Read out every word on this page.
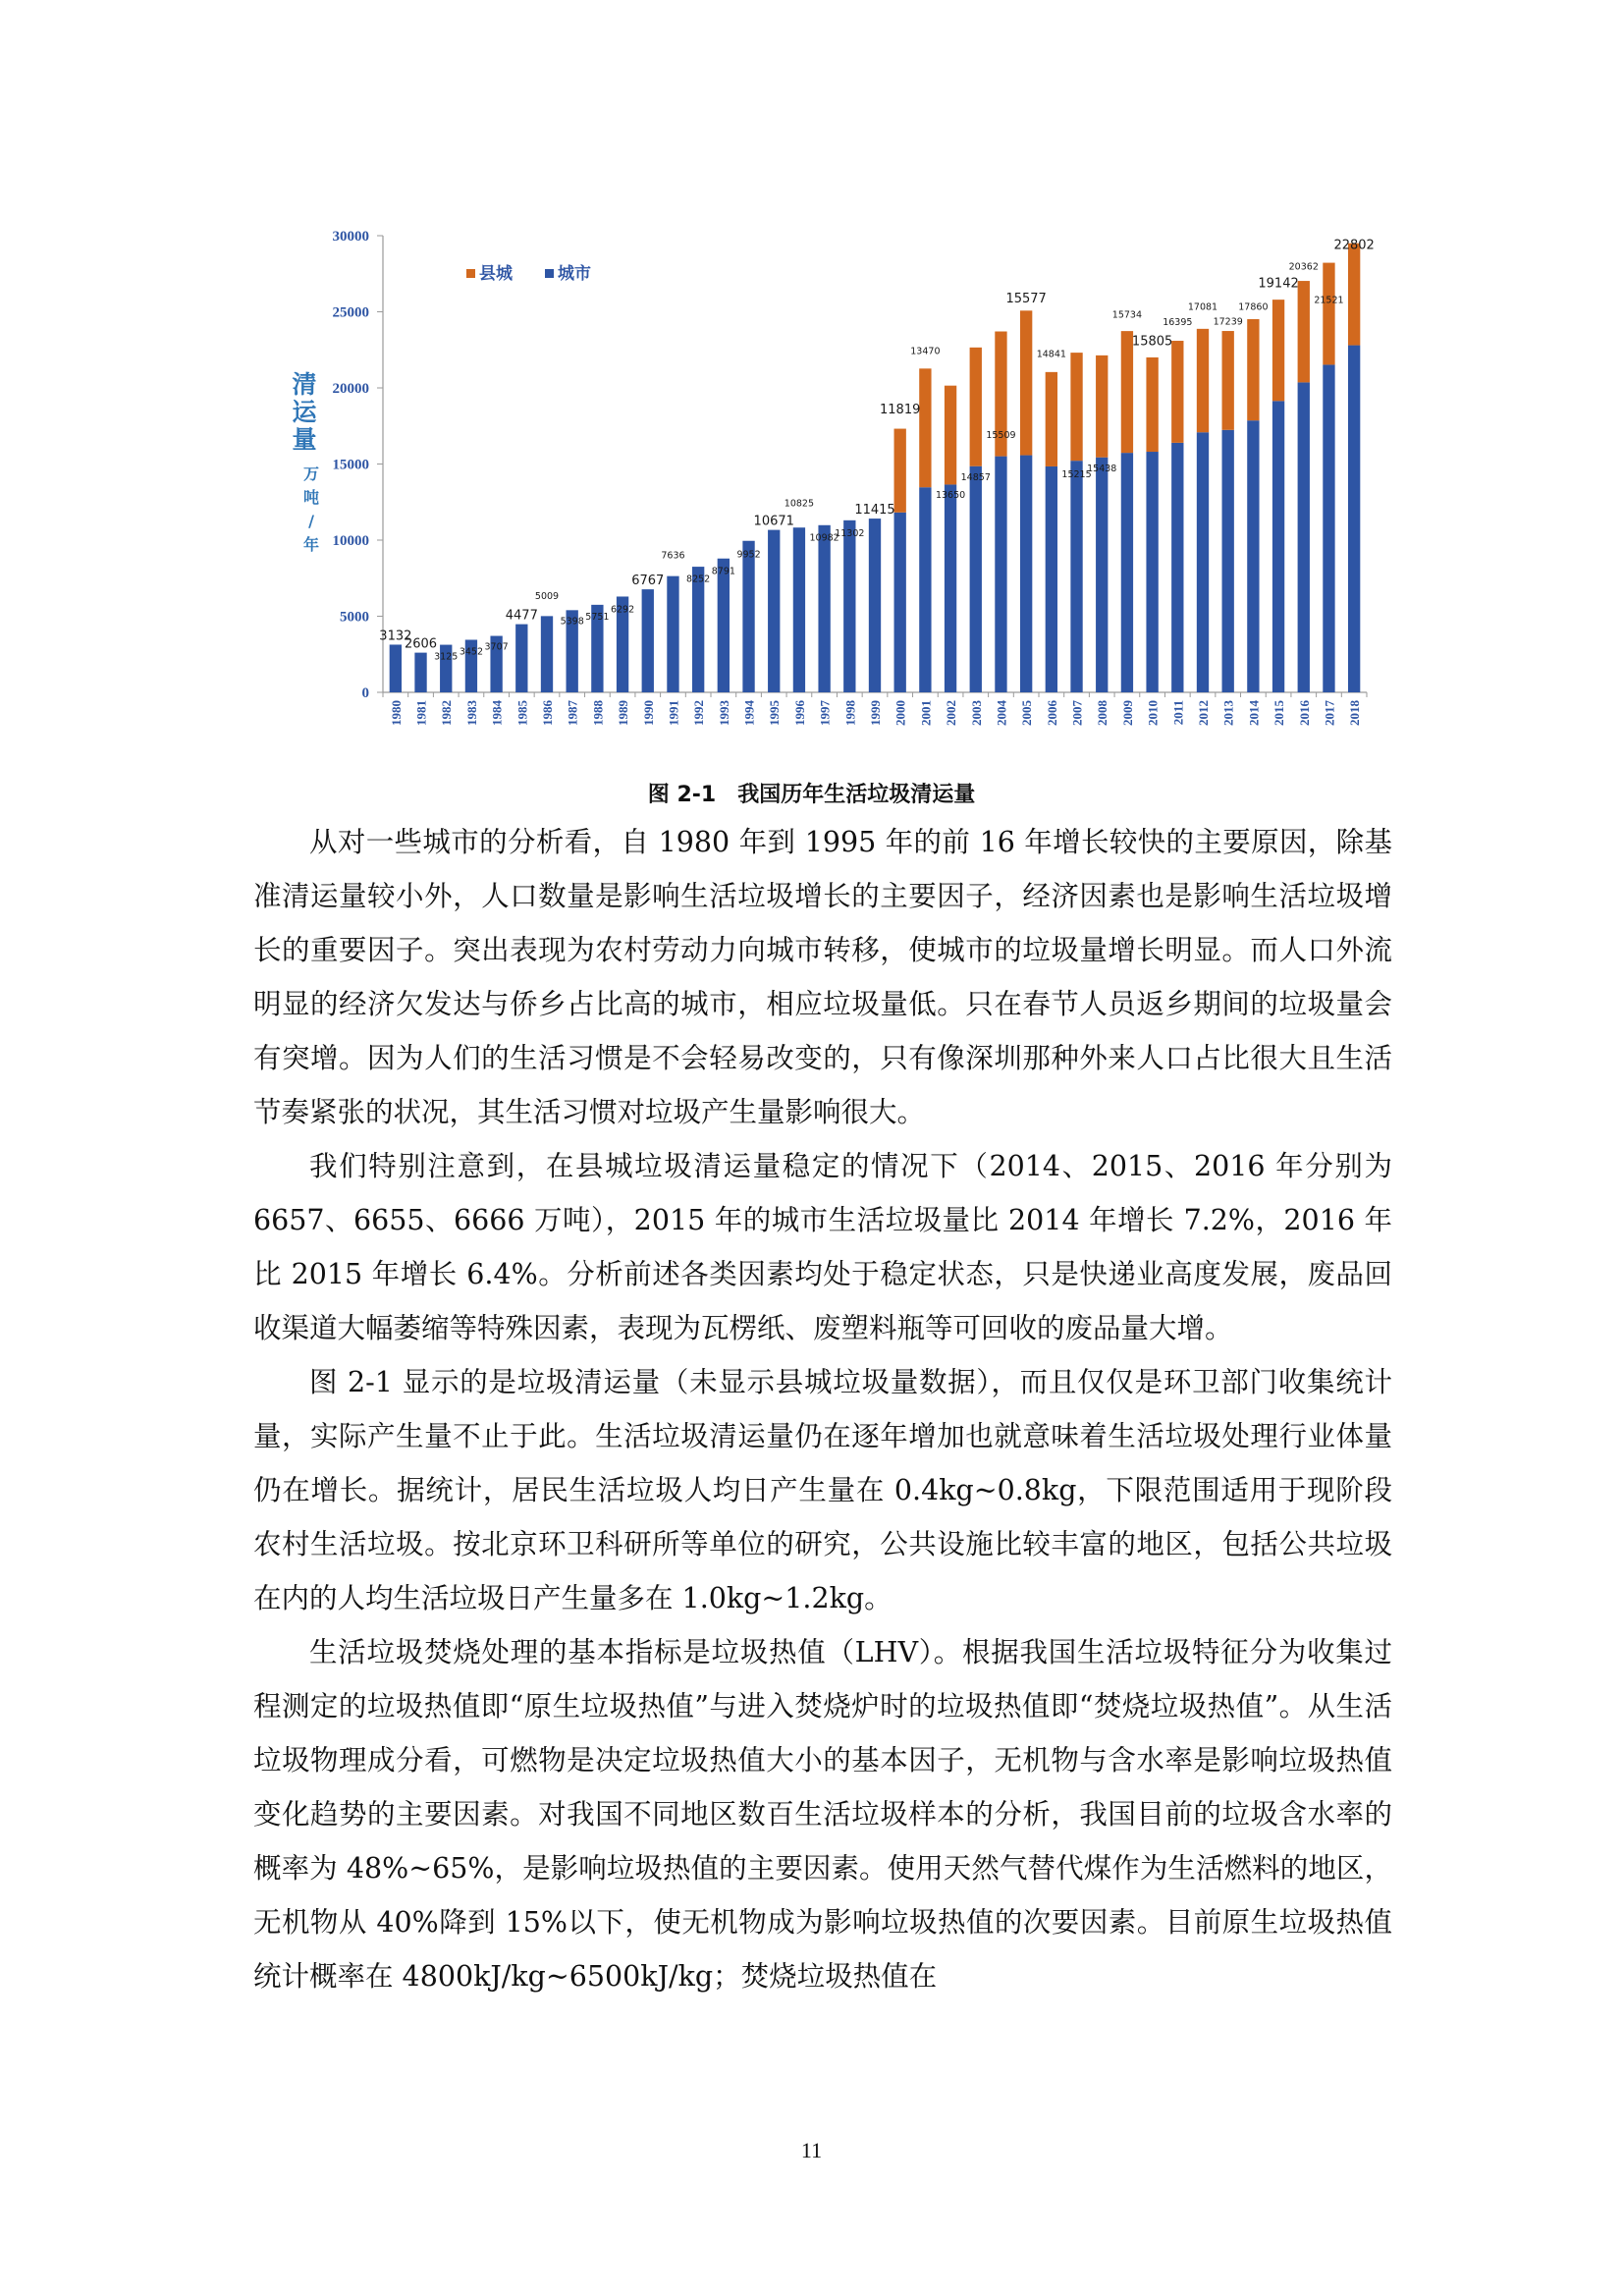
3132
2606
3125 3452 3707
4477
5009
5398 5751
6292
6767
7636
8252
8791
9952
10671
10825
10982
11302
11415
11819
13470
13650
14857
15509
15577
14841
15215
15438
15734
15805
16395
17081
17239
17860
19142
20362
21521
22802
1980 1981 1982 1983 1984 1985 1986 1987 1988 1989 1990 1991 1992 1993 1994 1995 1996 1997 1998 1999 2000 2001 2002 2003 2004 2005 2006 2007 2008 2009 2010 2011 2012 2013 2014 2015 2016 2017 2018
0
5000
10000
15000
20000
25000
30000
县城	城市
清
运
量
万
吨
/
年
图 2-1 我国历年生活垃圾清运量

从对一些城市的分析看，自 1980 年到 1995 年的前 16 年增长较快的主要原因，除基准清运量较小外，人口数量是影响生活垃圾增长的主要因子，经济因素也是影响生活垃圾增长的重要因子。突出表现为农村劳动力向城市转移，使城市的垃圾量增长明显。而人口外流明显的经济欠发达与侨乡占比高的城市，相应垃圾量低。只在春节人员返乡期间的垃圾量会有突增。因为人们的生活习惯是不会轻易改变的，只有像深圳那种外来人口占比很大且生活节奏紧张的状况，其生活习惯对垃圾产生量影响很大。

我们特别注意到，在县城垃圾清运量稳定的情况下（2014、2015、2016 年分别为 6657、6655、6666 万吨），2015 年的城市生活垃圾量比 2014 年增长 7.2%，2016 年比 2015 年增长 6.4%。分析前述各类因素均处于稳定状态，只是快递业高度发展，废品回收渠道大幅萎缩等特殊因素，表现为瓦楞纸、废塑料瓶等可回收的废品量大增。

图 2-1 显示的是垃圾清运量（未显示县城垃圾量数据），而且仅仅是环卫部门收集统计量，实际产生量不止于此。生活垃圾清运量仍在逐年增加也就意味着生活垃圾处理行业体量仍在增长。据统计，居民生活垃圾人均日产生量在 0.4kg~0.8kg，下限范围适用于现阶段农村生活垃圾。按北京环卫科研所等单位的研究，公共设施比较丰富的地区，包括公共垃圾在内的人均生活垃圾日产生量多在 1.0kg~1.2kg。

生活垃圾焚烧处理的基本指标是垃圾热值（LHV）。根据我国生活垃圾特征分为收集过程测定的垃圾热值即“原生垃圾热值”与进入焚烧炉时的垃圾热值即“焚烧垃圾热值”。从生活垃圾物理成分看，可燃物是决定垃圾热值大小的基本因子，无机物与含水率是影响垃圾热值变化趋势的主要因素。对我国不同地区数百生活垃圾样本的分析，我国目前的垃圾含水率的概率为 48%~65%，是影响垃圾热值的主要因素。使用天然气替代煤作为生活燃料的地区，无机物从 40%降到 15%以下，使无机物成为影响垃圾热值的次要因素。目前原生垃圾热值统计概率在 4800kJ/kg~6500kJ/kg；焚烧垃圾热值在

11
